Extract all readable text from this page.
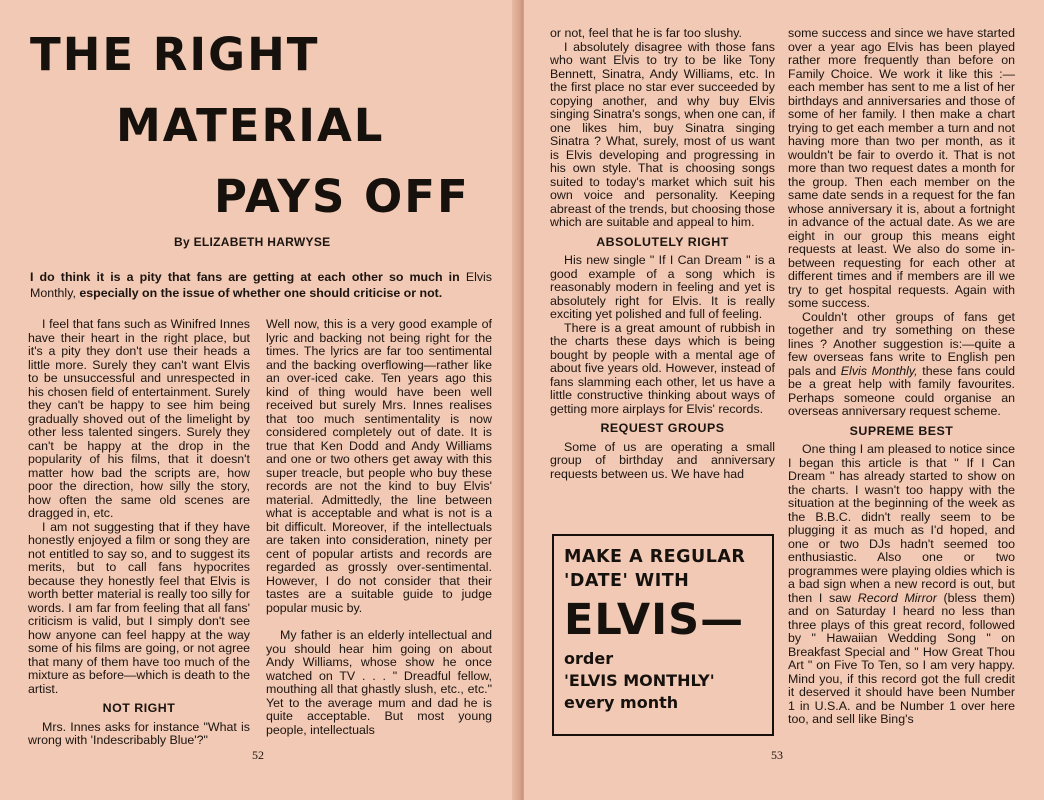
THE RIGHT
MATERIAL
PAYS OFF
By ELIZABETH HARWYSE
I do think it is a pity that fans are getting at each other so much in Elvis Monthly, especially on the issue of whether one should criticise or not.

I feel that fans such as Winifred Innes have their heart in the right place, but it's a pity they don't use their heads a little more. Surely they can't want Elvis to be unsuccessful and unrespected in his chosen field of entertainment. Surely they can't be happy to see him being gradually shoved out of the limelight by other less talented singers. Surely they can't be happy at the drop in the popularity of his films, that it doesn't matter how bad the scripts are, how poor the direction, how silly the story, how often the same old scenes are dragged in, etc.

I am not suggesting that if they have honestly enjoyed a film or song they are not entitled to say so, and to suggest its merits, but to call fans hypocrites because they honestly feel that Elvis is worth better material is really too silly for words. I am far from feeling that all fans' criticism is valid, but I simply don't see how anyone can feel happy at the way some of his films are going, or not agree that many of them have too much of the mixture as before—which is death to the artist.

NOT RIGHT

Mrs. Innes asks for instance "What is wrong with 'Indescribably Blue'?"

Well now, this is a very good example of lyric and backing not being right for the times. The lyrics are far too sentimental and the backing overflowing—rather like an over-iced cake. Ten years ago this kind of thing would have been well received but surely Mrs. Innes realises that too much sentimentality is now considered completely out of date. It is true that Ken Dodd and Andy Williams and one or two others get away with this super treacle, but people who buy these records are not the kind to buy Elvis' material. Admittedly, the line between what is acceptable and what is not is a bit difficult. Moreover, if the intellectuals are taken into consideration, ninety per cent of popular artists and records are regarded as grossly over-sentimental. However, I do not consider that their tastes are a suitable guide to judge popular music by.

My father is an elderly intellectual and you should hear him going on about Andy Williams, whose show he once watched on TV . . . " Dreadful fellow, mouthing all that ghastly slush, etc., etc." Yet to the average mum and dad he is quite acceptable. But most young people, intellectuals

52

or not, feel that he is far too slushy.

I absolutely disagree with those fans who want Elvis to try to be like Tony Bennett, Sinatra, Andy Williams, etc. In the first place no star ever succeeded by copying another, and why buy Elvis singing Sinatra's songs, when one can, if one likes him, buy Sinatra singing Sinatra ? What, surely, most of us want is Elvis developing and progressing in his own style. That is choosing songs suited to today's market which suit his own voice and personality. Keeping abreast of the trends, but choosing those which are suitable and appeal to him.

ABSOLUTELY RIGHT

His new single " If I Can Dream " is a good example of a song which is reasonably modern in feeling and yet is absolutely right for Elvis. It is really exciting yet polished and full of feeling.

There is a great amount of rubbish in the charts these days which is being bought by people with a mental age of about five years old. However, instead of fans slamming each other, let us have a little constructive thinking about ways of getting more airplays for Elvis' records.

REQUEST GROUPS

Some of us are operating a small group of birthday and anniversary requests between us. We have had

MAKE A REGULAR
'DATE' WITH
ELVIS—
order
'ELVIS MONTHLY'
every month

some success and since we have started over a year ago Elvis has been played rather more frequently than before on Family Choice. We work it like this :— each member has sent to me a list of her birthdays and anniversaries and those of some of her family. I then make a chart trying to get each member a turn and not having more than two per month, as it wouldn't be fair to overdo it. That is not more than two request dates a month for the group. Then each member on the same date sends in a request for the fan whose anniversary it is, about a fortnight in advance of the actual date. As we are eight in our group this means eight requests at least. We also do some in-between requesting for each other at different times and if members are ill we try to get hospital requests. Again with some success.

Couldn't other groups of fans get together and try something on these lines ? Another suggestion is:—quite a few overseas fans write to English pen pals and Elvis Monthly, these fans could be a great help with family favourites. Perhaps someone could organise an overseas anniversary request scheme.

SUPREME BEST

One thing I am pleased to notice since I began this article is that " If I Can Dream " has already started to show on the charts. I wasn't too happy with the situation at the beginning of the week as the B.B.C. didn't really seem to be plugging it as much as I'd hoped, and one or two DJs hadn't seemed too enthusiastic. Also one or two programmes were playing oldies which is a bad sign when a new record is out, but then I saw Record Mirror (bless them) and on Saturday I heard no less than three plays of this great record, followed by " Hawaiian Wedding Song " on Breakfast Special and " How Great Thou Art " on Five To Ten, so I am very happy. Mind you, if this record got the full credit it deserved it should have been Number 1 in U.S.A. and be Number 1 over here too, and sell like Bing's

53
